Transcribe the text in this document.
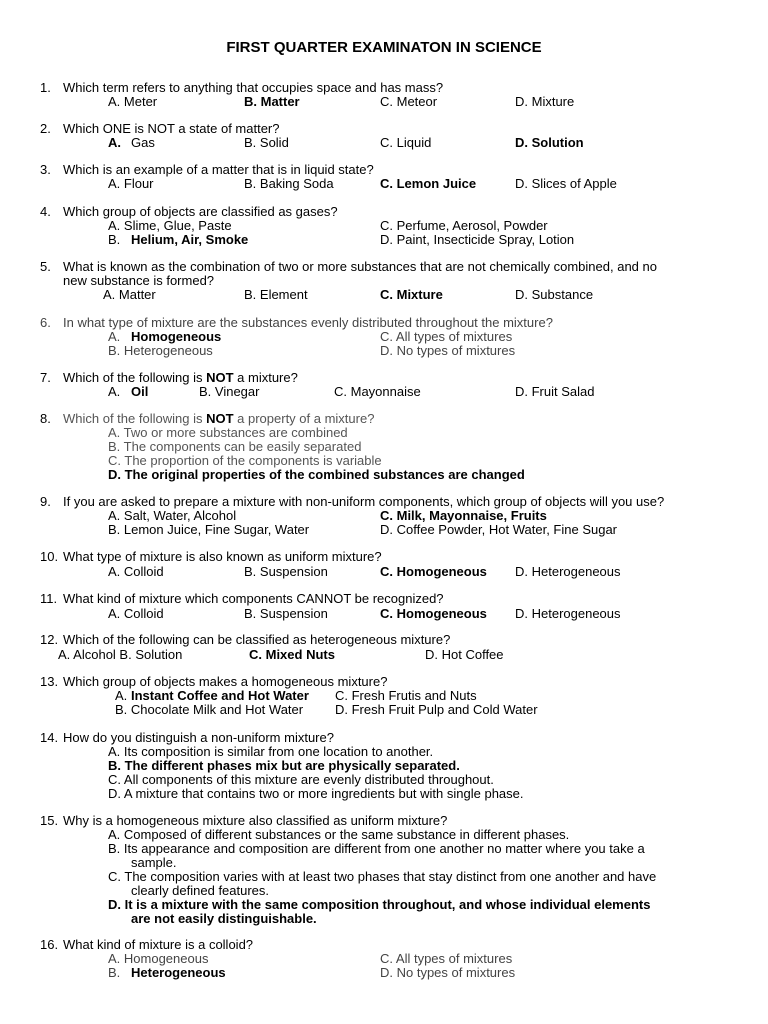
FIRST QUARTER EXAMINATON IN SCIENCE
1. Which term refers to anything that occupies space and has mass?
A. Meter	B. Matter	C. Meteor	D. Mixture
2. Which ONE is NOT a state of matter?
A. Gas	B. Solid	C. Liquid	D. Solution
3. Which is an example of a matter that is in liquid state?
A. Flour	B. Baking Soda	C. Lemon Juice	D. Slices of Apple
4. Which group of objects are classified as gases?
A. Slime, Glue, Paste	C. Perfume, Aerosol, Powder
B. Helium, Air, Smoke	D. Paint, Insecticide Spray, Lotion
5. What is known as the combination of two or more substances that are not chemically combined, and no
new substance is formed?
A. Matter	B. Element	C. Mixture	D. Substance
6. In what type of mixture are the substances evenly distributed throughout the mixture?
A. Homogeneous	C. All types of mixtures
B. Heterogeneous	D. No types of mixtures
7. Which of the following is NOT a mixture?
A. Oil	B. Vinegar	C. Mayonnaise	D. Fruit Salad
8. Which of the following is NOT a property of a mixture?
A. Two or more substances are combined
B. The components can be easily separated
C. The proportion of the components is variable
D. The original properties of the combined substances are changed
9. If you are asked to prepare a mixture with non-uniform components, which group of objects will you use?
A. Salt, Water, Alcohol	C. Milk, Mayonnaise, Fruits
B. Lemon Juice, Fine Sugar, Water	D. Coffee Powder, Hot Water, Fine Sugar
10. What type of mixture is also known as uniform mixture?
A. Colloid	B. Suspension	C. Homogeneous D. Heterogeneous
11. What kind of mixture which components CANNOT be recognized?
A. Colloid	B. Suspension	C. Homogeneous D. Heterogeneous
12. Which of the following can be classified as heterogeneous mixture?
A. Alcohol B. Solution	C. Mixed Nuts	D. Hot Coffee
13. Which group of objects makes a homogeneous mixture?
A. Instant Coffee and Hot Water C. Fresh Frutis and Nuts
B. Chocolate Milk and Hot Water D. Fresh Fruit Pulp and Cold Water
14. How do you distinguish a non-uniform mixture?
A. Its composition is similar from one location to another.
B. The different phases mix but are physically separated.
C. All components of this mixture are evenly distributed throughout.
D. A mixture that contains two or more ingredients but with single phase.
15. Why is a homogeneous mixture also classified as uniform mixture?
A. Composed of different substances or the same substance in different phases.
B. Its appearance and composition are different from one another no matter where you take a
sample.
C. The composition varies with at least two phases that stay distinct from one another and have
clearly defined features.
D. It is a mixture with the same composition throughout, and whose individual elements
are not easily distinguishable.
16. What kind of mixture is a colloid?
A. Homogeneous	C. All types of mixtures
B. Heterogeneous	D. No types of mixtures
